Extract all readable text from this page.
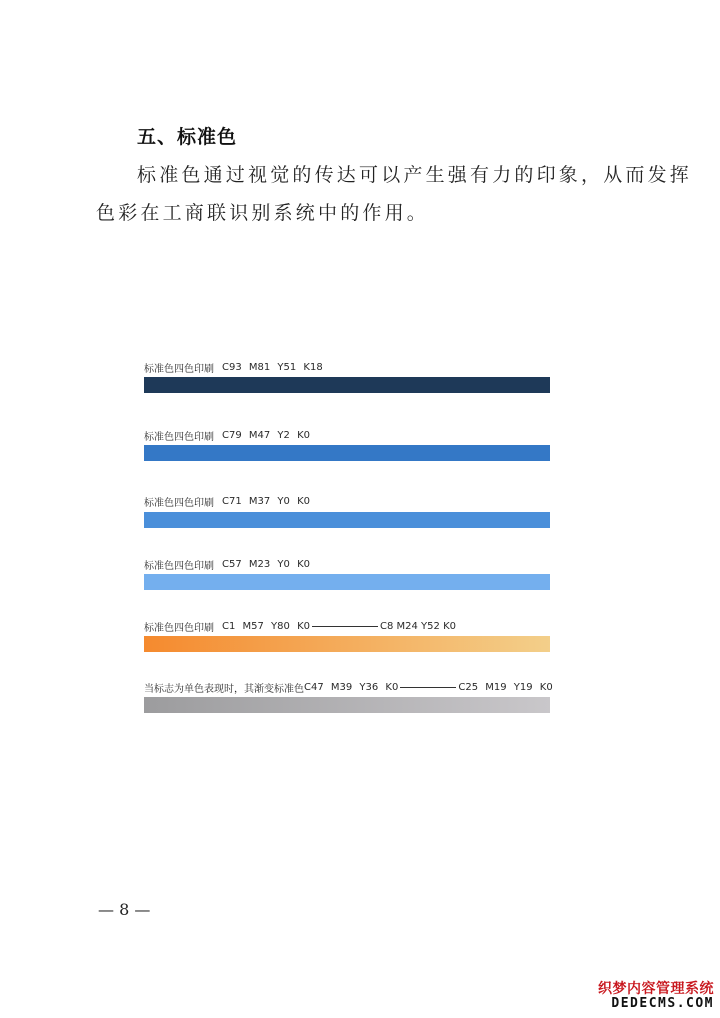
五、标准色
标准色通过视觉的传达可以产生强有力的印象，从而发挥
色彩在工商联识别系统中的作用。
标准色四色印刷 C93 M81 Y51 K18
标准色四色印刷 C79 M47 Y2 K0
标准色四色印刷 C71 M37 Y0 K0
标准色四色印刷 C57 M23 Y0 K0
标准色四色印刷 C1 M57 Y80 K0	C8 M24 Y52 K0
当标志为单色表现时，其渐变标准色 C47 M39 Y36 K0	C25 M19 Y19 K0
— 8 —
织梦内容管理系统
DEDECMS.COM
